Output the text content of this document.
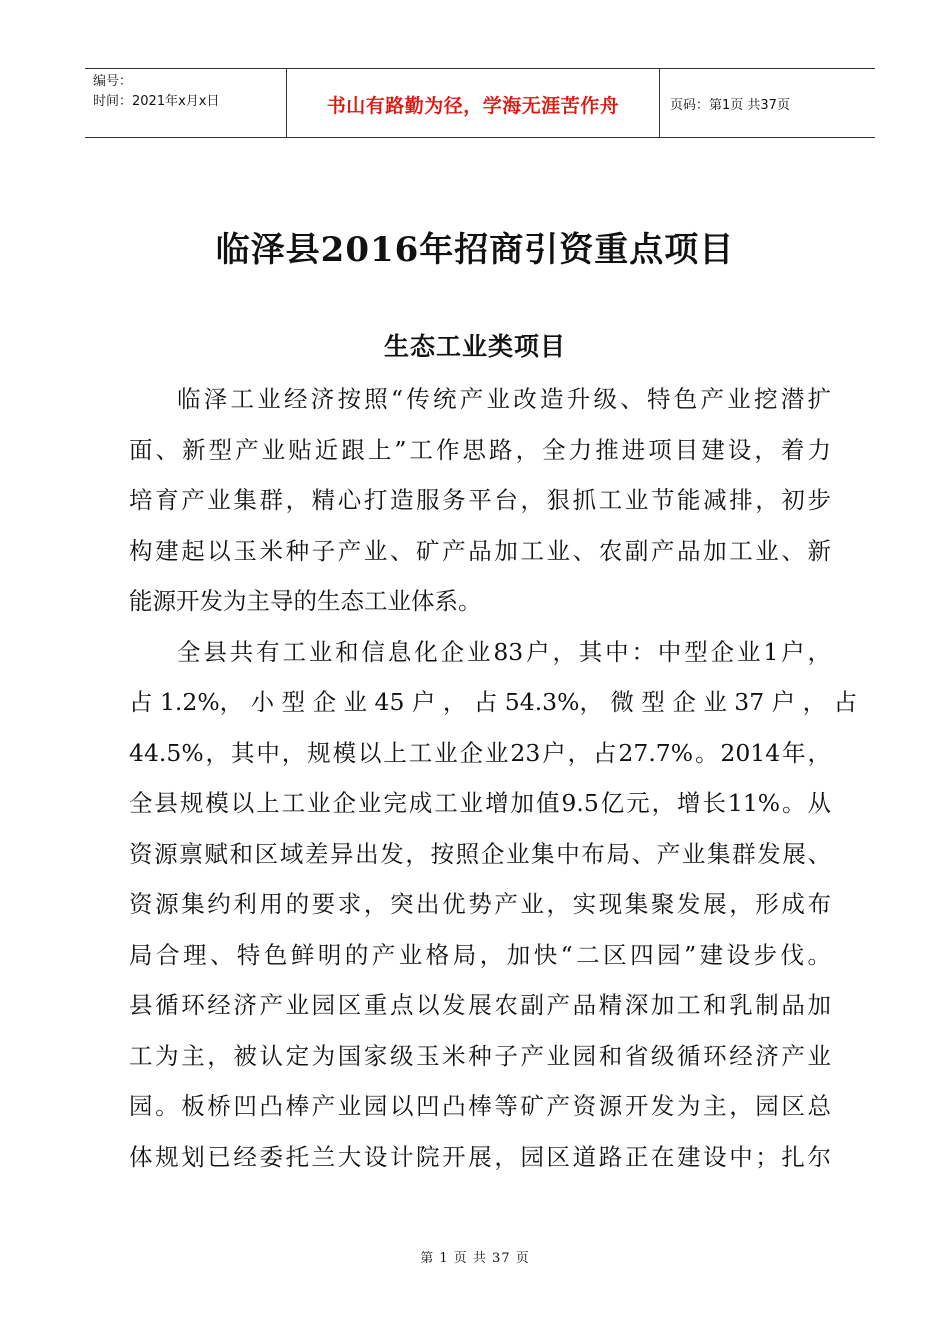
编号：
时间：2021年x月x日	书山有路勤为径，学海无涯苦作舟	页码：第1页 共37页
临泽县2016年招商引资重点项目
生态工业类项目
临泽工业经济按照“传统产业改造升级、特色产业挖潜扩
面、新型产业贴近跟上”工作思路，全力推进项目建设，着力
培育产业集群，精心打造服务平台，狠抓工业节能减排，初步
构建起以玉米种子产业、矿产品加工业、农副产品加工业、新
能源开发为主导的生态工业体系。
全县共有工业和信息化企业83户，其中：中型企业1户，
占 1.2%， 小 型 企 业 45 户 ， 占 54.3%， 微 型 企 业 37 户 ， 占
44.5%，其中，规模以上工业企业23户，占27.7%。2014年，
全县规模以上工业企业完成工业增加值9.5亿元，增长11%。从
资源禀赋和区域差异出发，按照企业集中布局、产业集群发展、
资源集约利用的要求，突出优势产业，实现集聚发展，形成布
局合理、特色鲜明的产业格局，加快“二区四园”建设步伐。
县循环经济产业园区重点以发展农副产品精深加工和乳制品加
工为主，被认定为国家级玉米种子产业园和省级循环经济产业
园。板桥凹凸棒产业园以凹凸棒等矿产资源开发为主，园区总
体规划已经委托兰大设计院开展，园区道路正在建设中；扎尔
第 1 页 共 37 页
